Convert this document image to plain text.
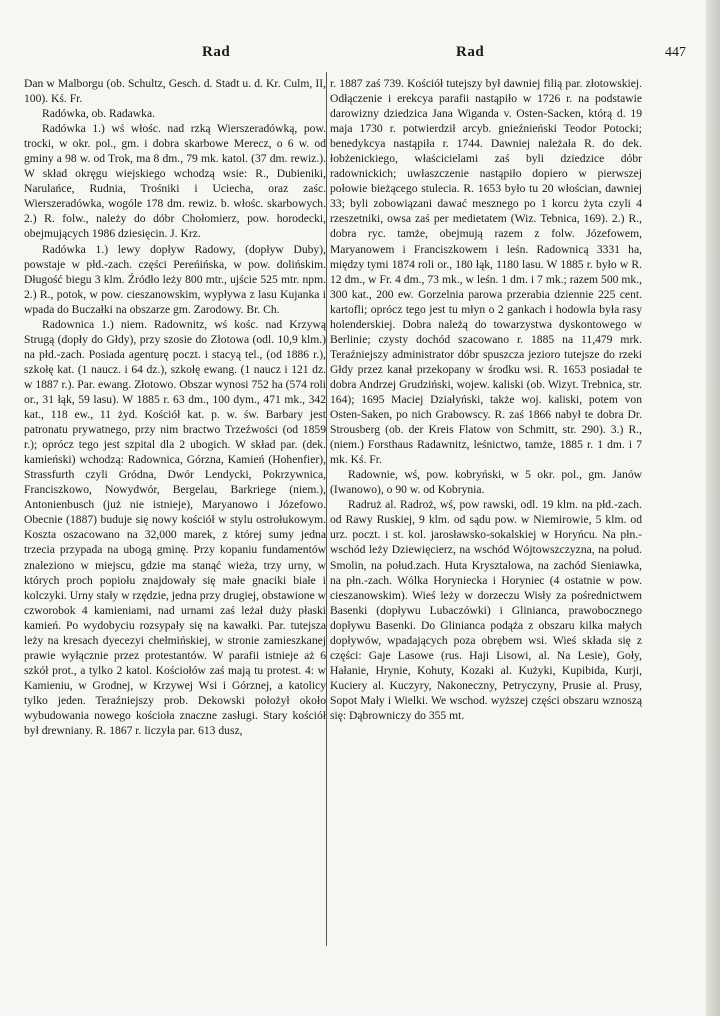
Rad	Rad	447

Dan w Malborgu (ob. Schultz, Gesch. d. Stadt u. d. Kr. Culm, II, 100). Kś. Fr.

Radówka, ob. Radawka.

Radówka 1.) wś włośc. nad rzką Wierszeradówką, pow. trocki, w okr. pol., gm. i dobra skarbowe Merecz, o 6 w. od gminy a 98 w. od Trok, ma 8 dm., 79 mk. katol. (37 dm. rewiz.). W skład okręgu wiejskiego wchodzą wsie: R., Dubieniki, Narulańce, Rudnia, Trośniki i Uciecha, oraz zaśc. Wierszeradówka, wogóle 178 dm. rewiz. b. włośc. skarbowych. 2.) R. folw., należy do dóbr Chołomierz, pow. horodecki, obejmujących 1986 dziesięcin. J. Krz.

Radówka 1.) lewy dopływ Radowy, (dopływ Duby), powstaje w płd.-zach. części Pereńińska, w pow. dolińskim. Długość biegu 3 klm. Źródło leży 800 mtr., ujście 525 mtr. npm. 2.) R., potok, w pow. cieszanowskim, wypływa z lasu Kujanka i wpada do Buczałki na obszarze gm. Zarodowy. Br. Ch.

Radownica 1.) niem. Radownitz, wś kośc. nad Krzywą Strugą (dopły do Głdy), przy szosie do Złotowa (odl. 10,9 klm.) na płd.-zach. Posiada agenturę poczt. i stacyą tel., (od 1886 r.), szkołę kat. (1 naucz. i 64 dz.), szkołę ewang. (1 naucz i 121 dz. w 1887 r.). Par. ewang. Złotowo. Obszar wynosi 752 ha (574 roli or., 31 łąk, 59 lasu). W 1885 r. 63 dm., 100 dym., 471 mk., 342 kat., 118 ew., 11 żyd. Kościół kat. p. w. św. Barbary jest patronatu prywatnego, przy nim bractwo Trzeźwości (od 1859 r.); oprócz tego jest szpital dla 2 ubogich. W skład par. (dek. kamieński) wchodzą: Radownica, Górzna, Kamień (Hohenfier), Strassfurth czyli Gródna, Dwór Lendycki, Pokrzywnica, Franciszkowo, Nowydwór, Bergelau, Barkriege (niem.), Antonienbusch (już nie istnieje), Maryanowo i Józefowo. Obecnie (1887) buduje się nowy kościół w stylu ostrołukowym. Koszta oszacowano na 32,000 marek, z której sumy jedna trzecia przypada na ubogą gminę. Przy kopaniu fundamentów znaleziono w miejscu, gdzie ma stanąć wieża, trzy urny, w których proch popiołu znajdowały się małe gnaciki białe i kolczyki. Urny stały w rzędzie, jedna przy drugiej, obstawione w czworobok 4 kamieniami, nad urnami zaś leżał duży płaski kamień. Po wydobyciu rozsypały się na kawałki. Par. tutejsza leży na kresach dyecezyi chełmińskiej, w stronie zamieszkanej prawie wyłącznie przez protestantów. W parafii istnieje aż 6 szkół prot., a tylko 2 katol. Kościołów zaś mają tu protest. 4: w Kamieniu, w Grodnej, w Krzywej Wsi i Górznej, a katolicy tylko jeden. Teraźniejszy prob. Dekowski położył około wybudowania nowego kościoła znaczne zasługi. Stary kościół był drewniany. R. 1867 r. liczyła par. 613 dusz,

r. 1887 zaś 739. Kościół tutejszy był dawniej filią par. złotowskiej. Odłączenie i erekcya parafii nastąpiło w 1726 r. na podstawie darowizny dziedzica Jana Wiganda v. Osten-Sacken, którą d. 19 maja 1730 r. potwierdził arcyb. gnieźnieński Teodor Potocki; benedykcya nastąpiła r. 1744. Dawniej należała R. do dek. łobżenickiego, właścicielami zaś byli dziedzice dóbr radownickich; uwłaszczenie nastąpiło dopiero w pierwszej połowie bieżącego stulecia. R. 1653 było tu 20 włościan, dawniej 33; byli zobowiązani dawać mesznego po 1 korcu żyta czyli 4 rzeszetniki, owsa zaś per medietatem (Wiz. Tebnica, 169). 2.) R., dobra ryc. tamże, obejmują razem z folw. Józefowem, Maryanowem i Franciszkowem i leśn. Radownicą 3331 ha, między tymi 1874 roli or., 180 łąk, 1180 lasu. W 1885 r. było w R. 12 dm., w Fr. 4 dm., 73 mk., w leśn. 1 dm. i 7 mk.; razem 500 mk., 300 kat., 200 ew. Gorzelnia parowa przerabia dziennie 225 cent. kartofli; oprócz tego jest tu młyn o 2 gankach i hodowla była rasy holenderskiej. Dobra należą do towarzystwa dyskontowego w Berlinie; czysty dochód szacowano r. 1885 na 11,479 mrk. Teraźniejszy administrator dóbr spuszcza jezioro tutejsze do rzeki Głdy przez kanał przekopany w środku wsi. R. 1653 posiadał te dobra Andrzej Grudziński, wojew. kaliski (ob. Wizyt. Trebnica, str. 164); 1695 Maciej Działyński, także woj. kaliski, potem von Osten-Saken, po nich Grabowscy. R. zaś 1866 nabył te dobra Dr. Strousberg (ob. der Kreis Flatow von Schmitt, str. 290). 3.) R., (niem.) Forsthaus Radawnitz, leśnictwo, tamże, 1885 r. 1 dm. i 7 mk. Kś. Fr.

Radownie, wś, pow. kobryński, w 5 okr. pol., gm. Janów (Iwanowo), o 90 w. od Kobrynia.

Radruż al. Radroż, wś, pow rawski, odl. 19 klm. na płd.-zach. od Rawy Ruskiej, 9 klm. od sądu pow. w Niemirowie, 5 klm. od urz. poczt. i st. kol. jarosławsko-sokalskiej w Horyńcu. Na płn.-wschód leży Dziewięcierz, na wschód Wójtowszczyzna, na połud. Smolin, na połud.zach. Huta Krysztalowa, na zachód Sieniawka, na płn.-zach. Wólka Horyniecka i Horyniec (4 ostatnie w pow. cieszanowskim). Wieś leży w dorzeczu Wisły za pośrednictwem Basenki (dopływu Lubaczówki) i Glinianca, prawobocznego dopływu Basenki. Do Glinianca podąża z obszaru kilka małych dopływów, wpadających poza obrębem wsi. Wieś składa się z części: Gaje Lasowe (rus. Haji Lisowi, al. Na Lesie), Goły, Hałanie, Hrynie, Kohuty, Kozaki al. Kużyki, Kupibida, Kurji, Kuciery al. Kuczyry, Nakoneczny, Petryczyny, Prusie al. Prusy, Sopot Mały i Wielki. We wschod. wyższej części obszaru wznoszą się: Dąbrowniczy do 355 mt.
